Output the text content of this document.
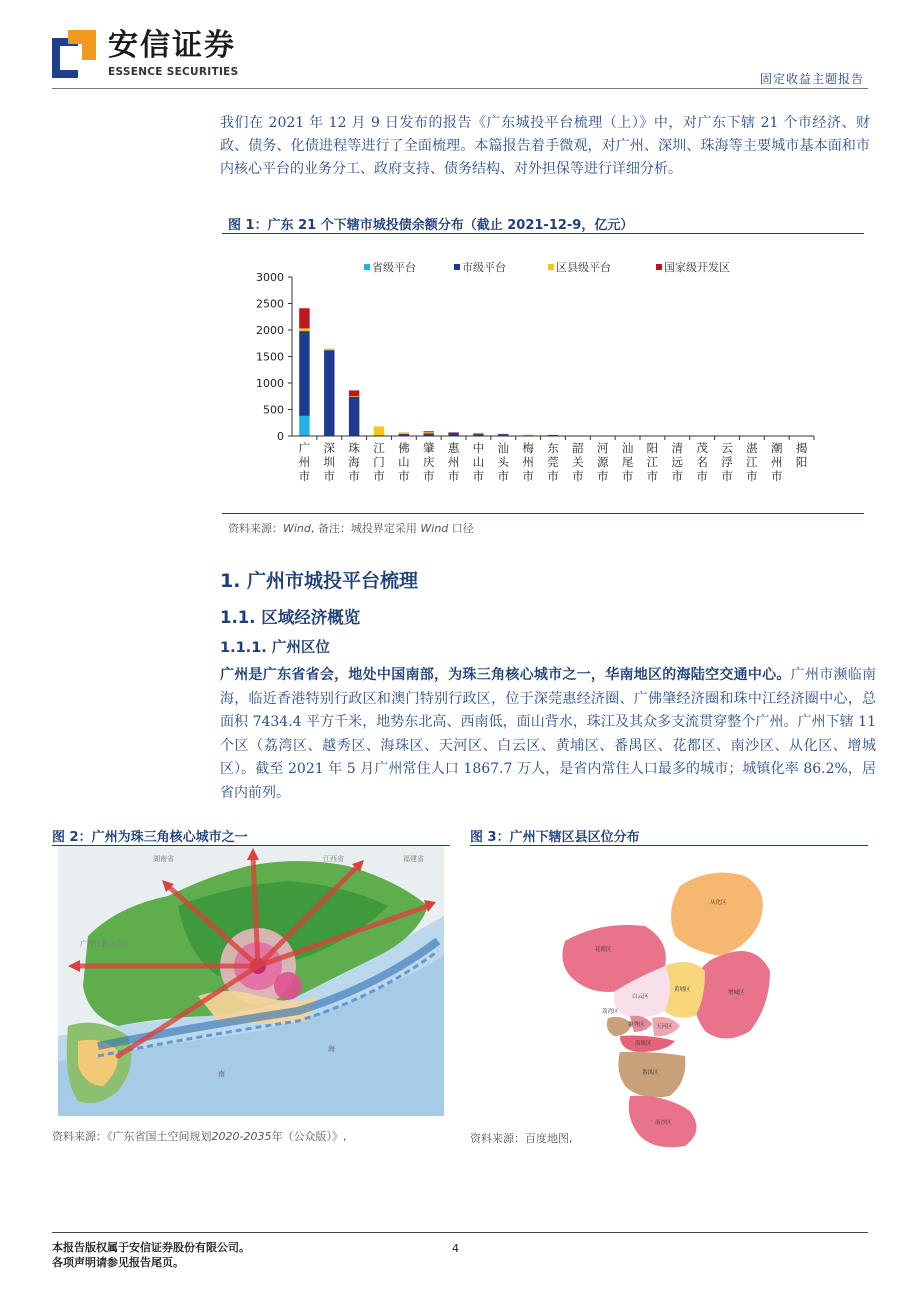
安信证券
ESSENCE SECURITIES	固定收益主题报告

我们在 2021 年 12 月 9 日发布的报告《广东城投平台梳理（上）》中，对广东下辖 21 个市经济、财政、债务、化债进程等进行了全面梳理。本篇报告着手微观，对广州、深圳、珠海等主要城市基本面和市内核心平台的业务分工、政府支持、债务结构、对外担保等进行详细分析。

图 1：广东 21 个下辖市城投债余额分布（截止 2021-12-9，亿元）
省级平台	市级平台	区县级平台	国家级开发区
0
500
1000
1500
2000
2500
3000
广州市
深圳市
珠海市
江门市
佛山市
肇庆市
惠州市
中山市
汕头市
梅州市
东莞市
韶关市
河源市
汕尾市
阳江市
清远市
茂名市
云浮市
湛江市
潮州市
揭阳
资料来源：Wind, 备注：城投界定采用 Wind 口径
1. 广州市城投平台梳理
1.1. 区域经济概览
1.1.1. 广州区位

广州是广东省省会，地处中国南部，为珠三角核心城市之一，华南地区的海陆空交通中心。广州市濒临南海，临近香港特别行政区和澳门特别行政区，位于深莞惠经济圈、广佛肇经济圈和珠中江经济圈中心，总面积 7434.4 平方千米，地势东北高、西南低，面山背水，珠江及其众多支流贯穿整个广州。广州下辖 11 个区（荔湾区、越秀区、海珠区、天河区、白云区、黄埔区、番禺区、花都区、南沙区、从化区、增城区）。截至 2021 年 5 月广州常住人口 1867.7 万人，是省内常住人口最多的城市；城镇化率 86.2%，居省内前列。

图 2：广州为珠三角核心城市之一
湖南省	江西省	福建省
广西壮族自治区
海
南
资料来源：《广东省国土空间规划2020-2035年（公众版）》,
图 3：广州下辖区县区位分布
从化区
花都区
增城区
白云区
黄埔区
荔湾区
越秀区 天河区
海珠区
番禺区
南沙区
资料来源：百度地图,
本报告版权属于安信证券股份有限公司。
各项声明请参见报告尾页。
4
